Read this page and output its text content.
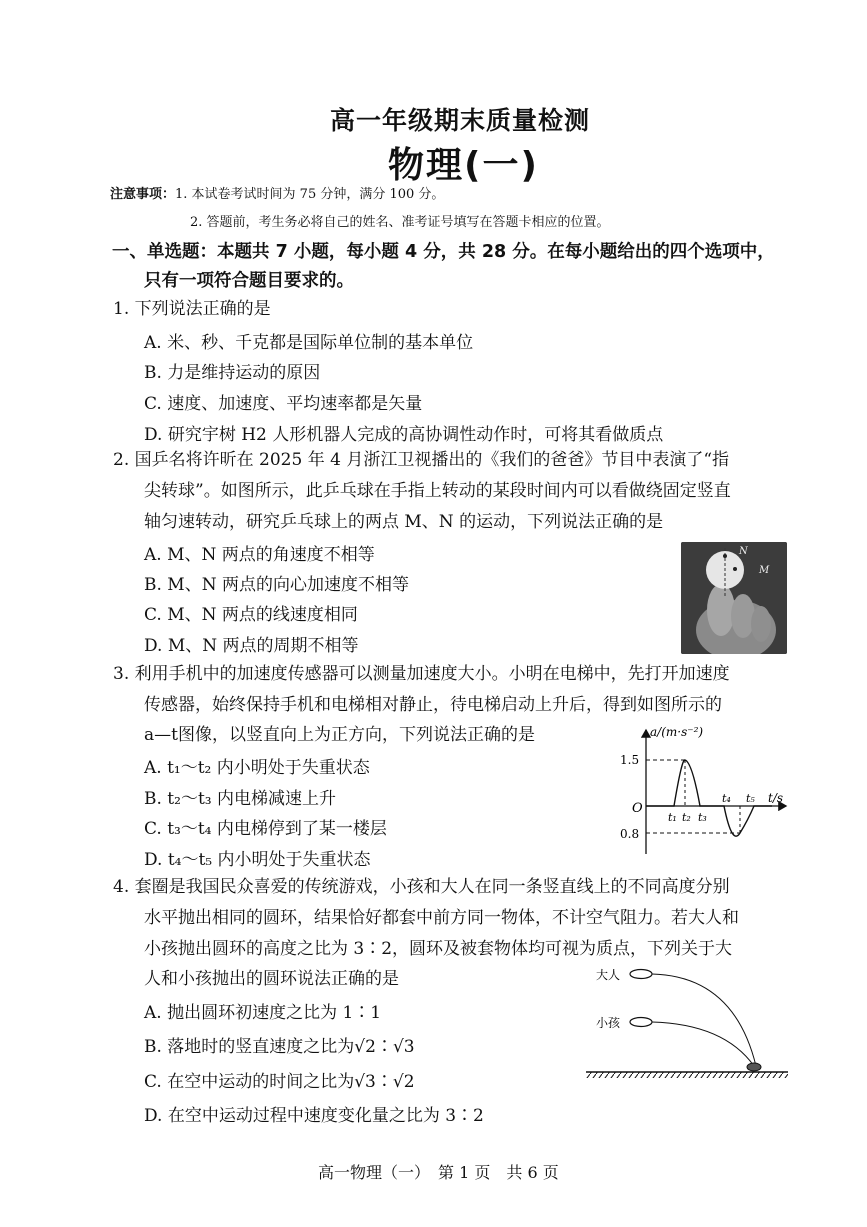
高一年级期末质量检测
物理(一)
注意事项：1. 本试卷考试时间为 75 分钟，满分 100 分。
2. 答题前，考生务必将自己的姓名、准考证号填写在答题卡相应的位置。
一、单选题：本题共 7 小题，每小题 4 分，共 28 分。在每小题给出的四个选项中，
只有一项符合题目要求的。
1. 下列说法正确的是
A. 米、秒、千克都是国际单位制的基本单位
B. 力是维持运动的原因
C. 速度、加速度、平均速率都是矢量
D. 研究宇树 H2 人形机器人完成的高协调性动作时，可将其看做质点
2. 国乒名将许昕在 2025 年 4 月浙江卫视播出的《我们的爸爸》节目中表演了“指
尖转球”。如图所示，此乒乓球在手指上转动的某段时间内可以看做绕固定竖直
轴匀速转动，研究乒乓球上的两点 M、N 的运动，下列说法正确的是
A. M、N 两点的角速度不相等
B. M、N 两点的向心加速度不相等
C. M、N 两点的线速度相同
D. M、N 两点的周期不相等
N
M
3. 利用手机中的加速度传感器可以测量加速度大小。小明在电梯中，先打开加速度
传感器，始终保持手机和电梯相对静止，待电梯启动上升后，得到如图所示的
a—t图像，以竖直向上为正方向，下列说法正确的是
A. t₁～t₂ 内小明处于失重状态
B. t₂～t₃ 内电梯减速上升
C. t₃～t₄ 内电梯停到了某一楼层
D. t₄～t₅ 内小明处于失重状态
a/(m·s⁻²)
t/s
O
1.5
0.8
t₁ t₂ t₃
t₄ t₅
4. 套圈是我国民众喜爱的传统游戏，小孩和大人在同一条竖直线上的不同高度分别
水平抛出相同的圆环，结果恰好都套中前方同一物体，不计空气阻力。若大人和
小孩抛出圆环的高度之比为 3∶2，圆环及被套物体均可视为质点，下列关于大
人和小孩抛出的圆环说法正确的是
A. 抛出圆环初速度之比为 1∶1
B. 落地时的竖直速度之比为√2∶√3
C. 在空中运动的时间之比为√3∶√2
D. 在空中运动过程中速度变化量之比为 3∶2
大人
小孩
高一物理（一）　第 1 页　共 6 页
